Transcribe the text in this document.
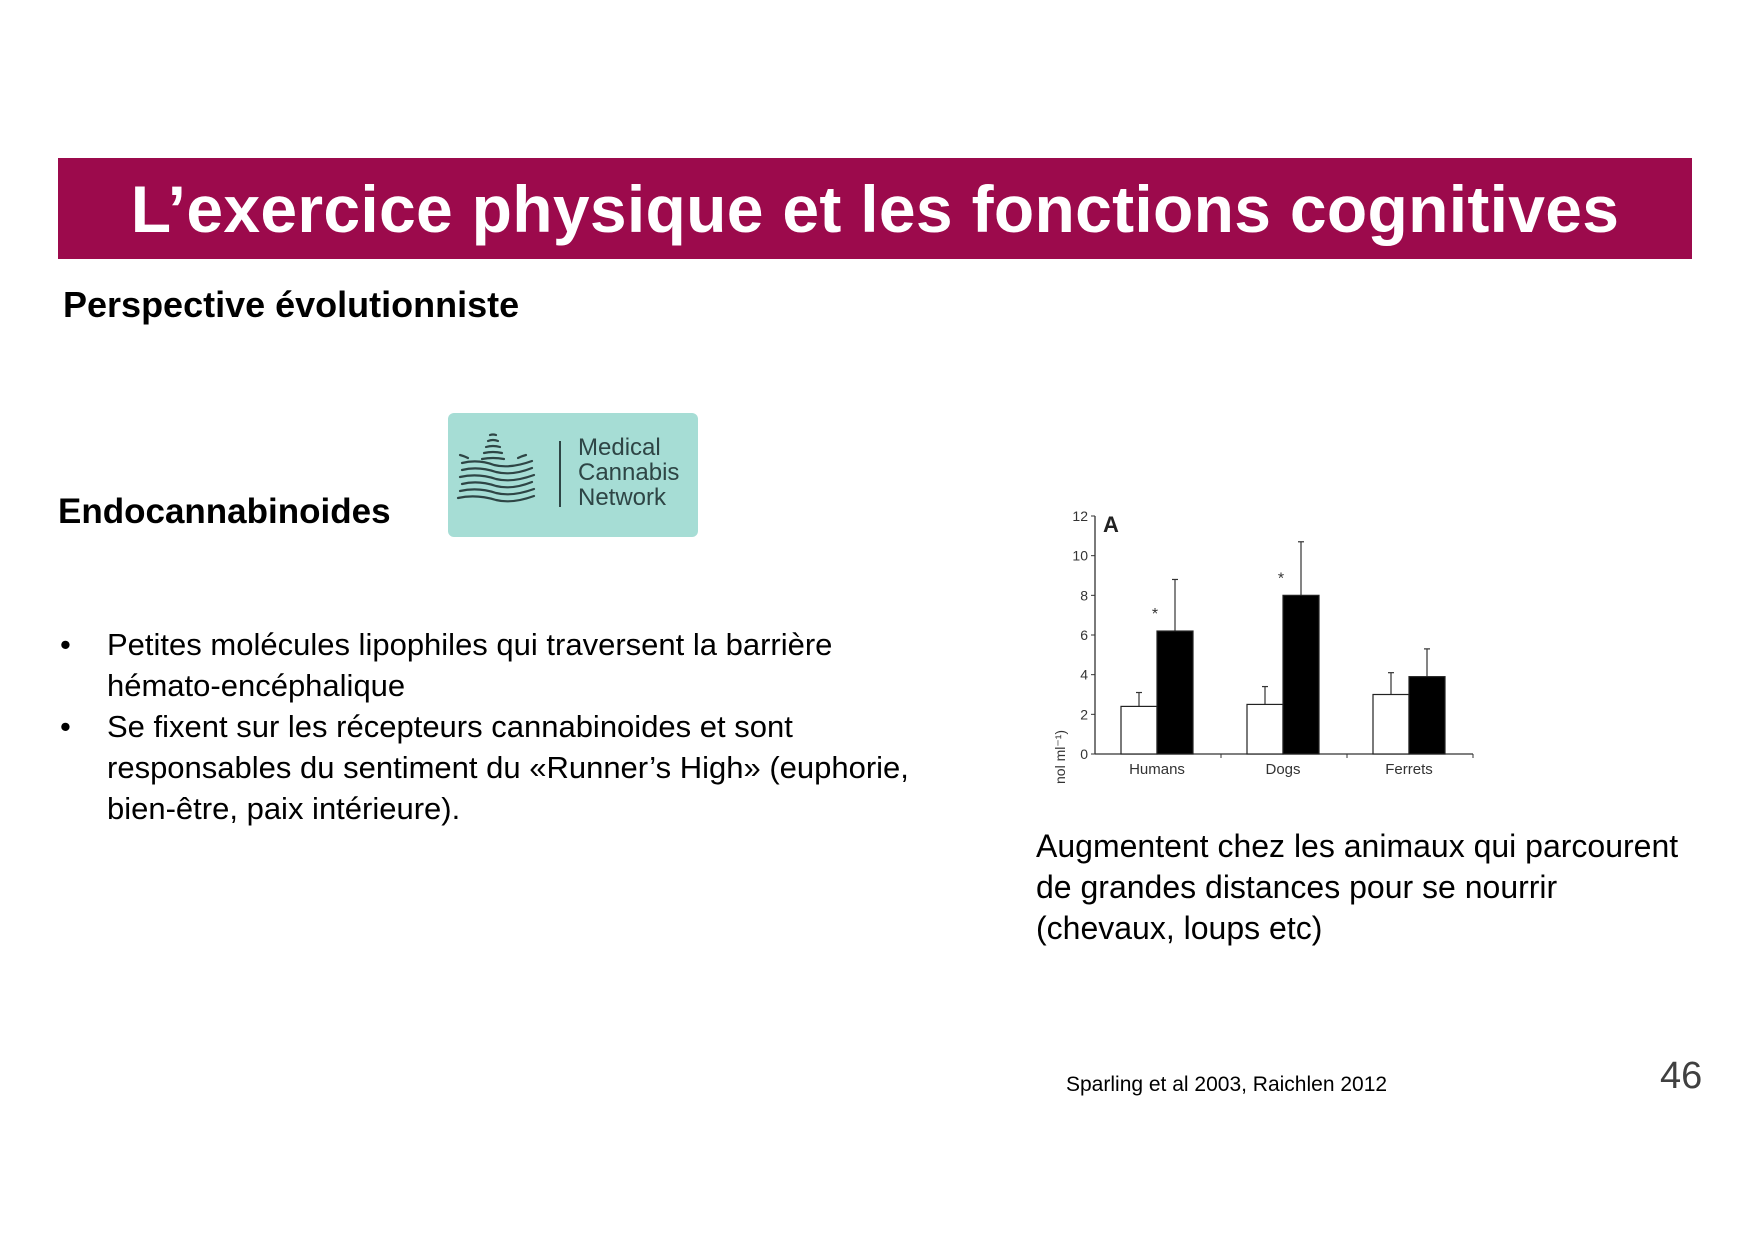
L’exercice physique et les fonctions cognitives
Perspective évolutionniste
Endocannabinoides
Medical
Cannabis
Network
• Petites molécules lipophiles qui traversent la barrière hémato-encéphalique
• Se fixent sur les récepteurs cannabinoides et sont responsables du sentiment du «Runner’s High» (euphorie, bien-être, paix intérieure).
0
2
4
6
8
10
12 A
nol ml⁻¹)
*
Humans
*
Dogs	Ferrets
Augmentent chez les animaux qui parcourent de grandes distances pour se nourrir (chevaux, loups etc)
Sparling et al 2003, Raichlen 2012	46
